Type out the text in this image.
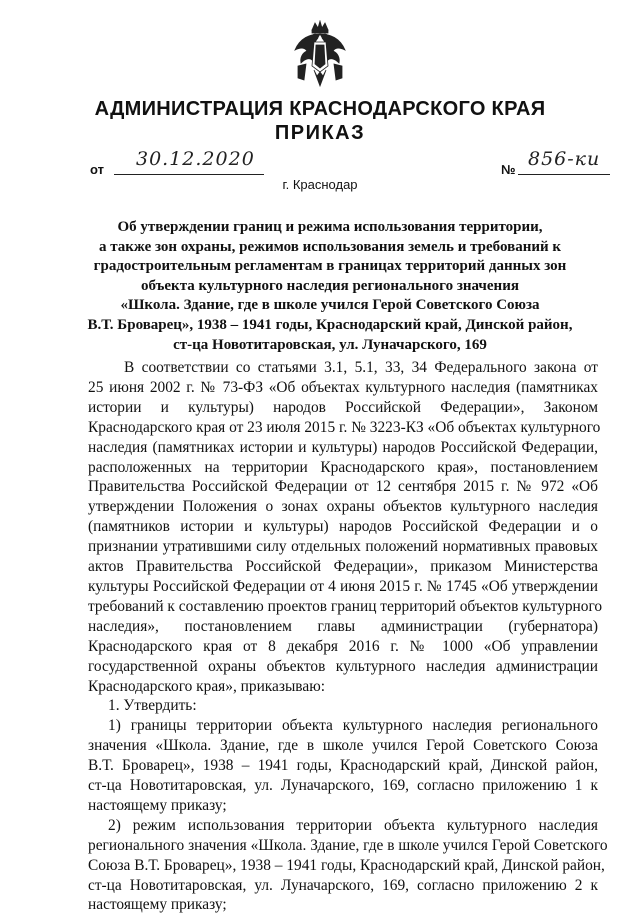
АДМИНИСТРАЦИЯ КРАСНОДАРСКОГО КРАЯ
ПРИКАЗ
от 30.12.2020	№ 856-ки
г. Краснодар
Об утверждении границ и режима использования территории,
а также зон охраны, режимов использования земель и требований к
градостроительным регламентам в границах территорий данных зон
объекта культурного наследия регионального значения
«Школа. Здание, где в школе учился Герой Советского Союза
В.Т. Броварец», 1938 – 1941 годы, Краснодарский край, Динской район,
ст-ца Новотитаровская, ул. Луначарского, 169
В соответствии со статьями 3.1, 5.1, 33, 34 Федерального закона от
25 июня 2002 г. № 73-ФЗ «Об объектах культурного наследия (памятниках
истории и культуры) народов Российской Федерации», Законом
Краснодарского края от 23 июля 2015 г. № 3223-КЗ «Об объектах культурного
наследия (памятниках истории и культуры) народов Российской Федерации,
расположенных на территории Краснодарского края», постановлением
Правительства Российской Федерации от 12 сентября 2015 г. № 972 «Об
утверждении Положения о зонах охраны объектов культурного наследия
(памятников истории и культуры) народов Российской Федерации и о
признании утратившими силу отдельных положений нормативных правовых
актов Правительства Российской Федерации», приказом Министерства
культуры Российской Федерации от 4 июня 2015 г. № 1745 «Об утверждении
требований к составлению проектов границ территорий объектов культурного
наследия», постановлением главы администрации (губернатора)
Краснодарского края от 8 декабря 2016 г. № 1000 «Об управлении
государственной охраны объектов культурного наследия администрации
Краснодарского края», приказываю:
1. Утвердить:
1) границы территории объекта культурного наследия регионального
значения «Школа. Здание, где в школе учился Герой Советского Союза
В.Т. Броварец», 1938 – 1941 годы, Краснодарский край, Динской район,
ст-ца Новотитаровская, ул. Луначарского, 169, согласно приложению 1 к
настоящему приказу;
2) режим использования территории объекта культурного наследия
регионального значения «Школа. Здание, где в школе учился Герой Советского
Союза В.Т. Броварец», 1938 – 1941 годы, Краснодарский край, Динской район,
ст-ца Новотитаровская, ул. Луначарского, 169, согласно приложению 2 к
настоящему приказу;
